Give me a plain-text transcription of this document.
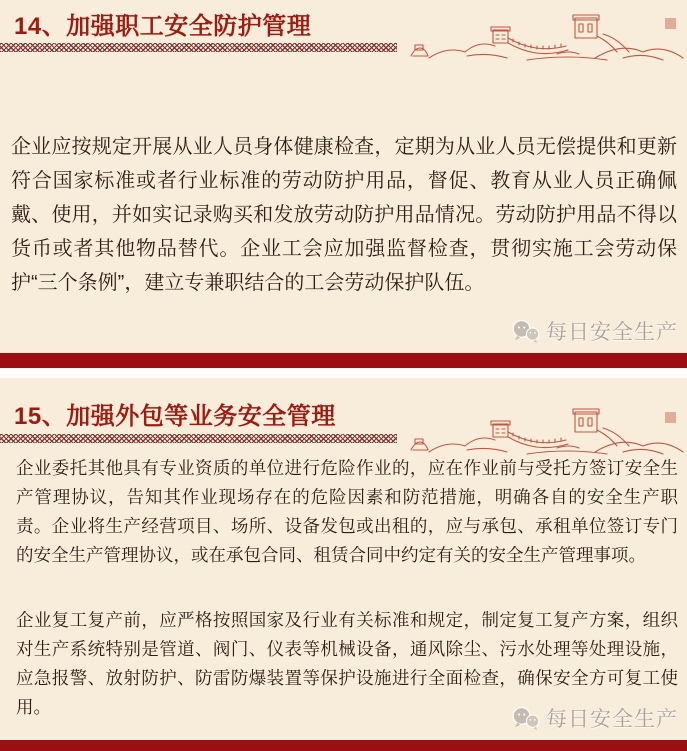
14、加强职工安全防护管理
企业应按规定开展从业人员身体健康检查，定期为从业人员无偿提供和更新符合国家标准或者行业标准的劳动防护用品，督促、教育从业人员正确佩戴、使用，并如实记录购买和发放劳动防护用品情况。劳动防护用品不得以货币或者其他物品替代。企业工会应加强监督检查，贯彻实施工会劳动保护“三个条例”，建立专兼职结合的工会劳动保护队伍。
每日安全生产
15、加强外包等业务安全管理
企业委托其他具有专业资质的单位进行危险作业的，应在作业前与受托方签订安全生产管理协议，告知其作业现场存在的危险因素和防范措施，明确各自的安全生产职责。企业将生产经营项目、场所、设备发包或出租的，应与承包、承租单位签订专门的安全生产管理协议，或在承包合同、租赁合同中约定有关的安全生产管理事项。
企业复工复产前，应严格按照国家及行业有关标准和规定，制定复工复产方案，组织对生产系统特别是管道、阀门、仪表等机械设备，通风除尘、污水处理等处理设施，应急报警、放射防护、防雷防爆装置等保护设施进行全面检查，确保安全方可复工使用。
每日安全生产
